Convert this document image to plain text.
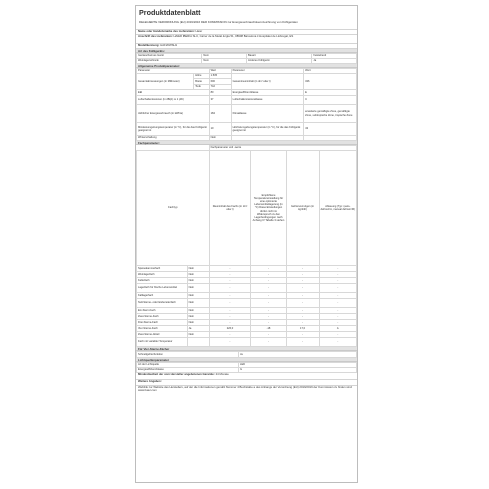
Produktdatenblatt
DELEGIERTE VERORDNUNG (EU) 2019/2016 DER KOMMISSION zur Energieverbrauchskennzeichnung von Kühlgeräten
Name oder Handelsmarke des Lieferanten: Haier
Anschrift des Lieferanten: HAIER IBERIA SLU, Carrer de la Metal·lurgia 51, 08908 Barcelona L'Hospitalet de Llobregat, ES
Modellkennung: HAF20WSH1
Art des Kühlgeräts:
Geräuscharmes Gerät	Nein	Bauart	freistehend
Weinlagerschrank	Nein	Anderes Kühlgerät	Ja
Allgemeine Produktparameter:
Parameter		Wert	Parameter	Wert
Gesamtabmessungen (in Millimeter)	Höhe	1.535	Gesamtrauminhalt (in dm³ oder l)	326
	Breite	600		
	Tiefe	742		
EEI		80	Energieeffizienzklasse	E
Luftschallemissionen (in dB(A) re 1 pW)		37	Luftschallemissionsklasse	C
Jährlicher Energieverbrauch (in kWh/a)		184	Klimaklasse	erweiterte gemäßigte Zone, gemäßigte Zone, subtropische Zone, tropische Zone
Mindestumgebungstemperatur (in °C), für die das Kühlgerät geeignet ist		10	Höchstumgebungstemperatur (in °C), für die das Kühlgerät geeignet ist	43
Winterschaltung		Nein		
Fachparameter:
		Fachparameter und -werte			
Fachtyp		Rauminhalt des Fachs (in dm³ oder l)	Empfohlene Temperatureinstellung für eine optimierte Lebensmittellagerung (in °C) Diese Einstellungen dürfen nicht im Widerspruch zu den Lagerbedingungen nach Anhang IV Tabelle 3 stehen	Gefriervermögen (in kg/24h)	Abtauung (Typ: (auto-defrost=A, manual defrost=M)
Speisekammerfach	Nein	-	-	-	-
Weinlagerfach	Nein	-	-	-	-
Kellerfach	Nein	-	-	-	-
Lagerfach für frische Lebensmittel	Nein	-	-	-	-
Kaltlagerfach	Nein	-	-	-	-
Null-Sterne- oder Eisbereiterfach	Nein	-	-	-	-
Ein-Stern-Fach	Nein	-	-	-	-
Zwei-Sterne-Fach	Nein	-	-	-	-
Drei-Sterne-Fach	Nein	-	-	-	-
Vier-Sterne-Fach	Ja	226,0	-18	17,0	A
Zwei-Sterne-Abteil	Nein	-	-	-	-
Fach mit variabler Temperatur		-	-	-	-
Für Vier-Sterne-Fächer
Schnellgefrierfunktion	Ja
Lichtquellenparameter
Art der Lichtquelle	LED
Energieeffizienzklasse	G
Mindestlaufzeit der vom Hersteller angebotenen Garantie: 24 Monate
Weitere Angaben:
Weblink zur Website des Herstellers, auf der die Informationen gemäß Nummer 4 Buchstabe a des Anhangs der Verordnung (EU) 2019/2019 der Kommission zu finden sind: www.haier.com
